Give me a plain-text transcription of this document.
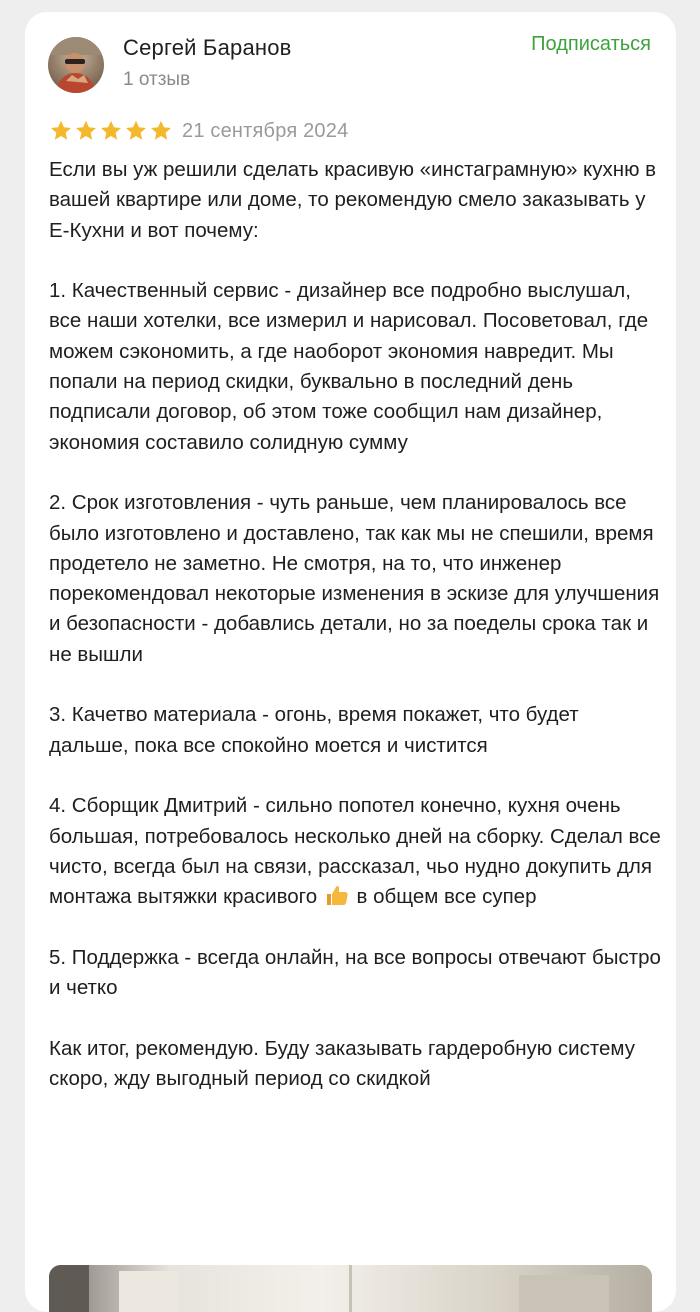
Сергей Баранов
1 отзыв
Подписаться
21 сентября 2024

Если вы уж решили сделать красивую «инстаграмную» кухню в вашей квартире или доме, то рекомендую смело заказывать у Е-Кухни и вот почему:

1. Качественный сервис - дизайнер все подробно выслушал, все наши хотелки, все измерил и нарисовал. Посоветовал, где можем сэкономить, а где наоборот экономия навредит. Мы попали на период скидки, буквально в последний день подписали договор, об этом тоже сообщил нам дизайнер, экономия составило солидную сумму

2. Срок изготовления - чуть раньше, чем планировалось все было изготовлено и доставлено, так как мы не спешили, время продетело не заметно. Не смотря, на то, что инженер порекомендовал некоторые изменения в эскизе для улучшения и безопасности - добавлись детали, но за поеделы срока так и не вышли

3. Качетво материала - огонь, время покажет, что будет дальше, пока все спокойно моется и чистится

4. Сборщик Дмитрий - сильно попотел конечно, кухня очень большая, потребовалось несколько дней на сборку. Сделал все чисто, всегда был на связи, рассказал, чьо нудно докупить для монтажа вытяжки красивого в общем все супер

5. Поддержка - всегда онлайн, на все вопросы отвечают быстро и четко

Как итог, рекомендую. Буду заказывать гардеробную систему скоро, жду выгодный период со скидкой
